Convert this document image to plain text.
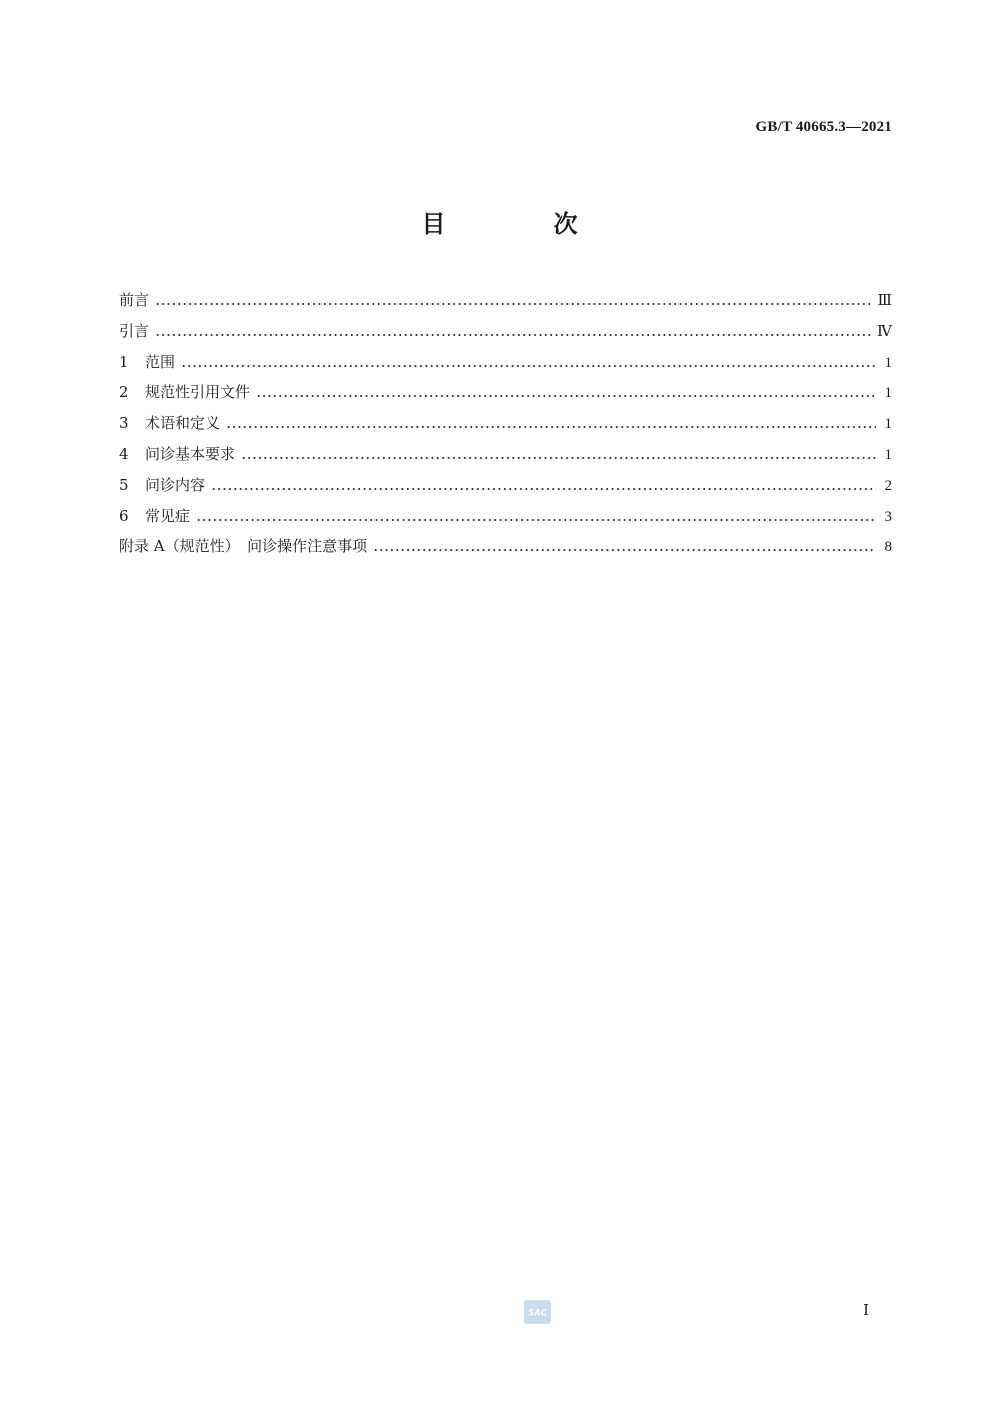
GB/T 40665.3—2021
目　次
前言	Ⅲ
引言	Ⅳ
1 范围	1
2 规范性引用文件	1
3 术语和定义	1
4 问诊基本要求	1
5 问诊内容	2
6 常见症	3
附录 A（规范性）　问诊操作注意事项	8
SAC	Ⅰ
